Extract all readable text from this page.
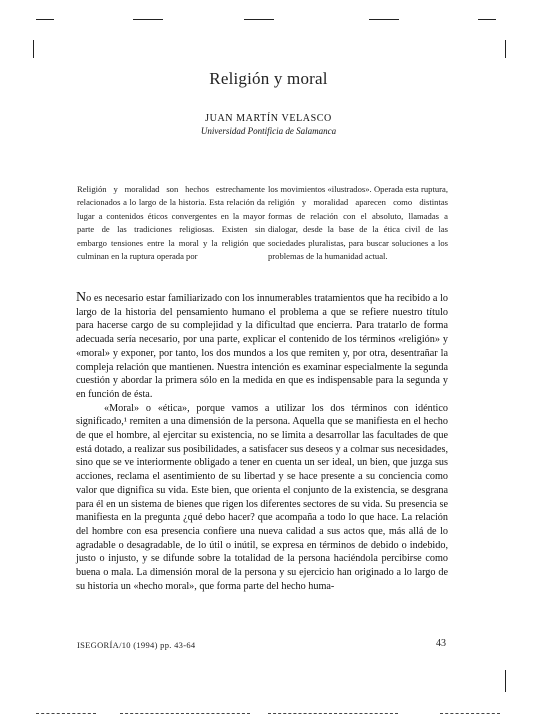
Religión y moral
JUAN MARTÍN VELASCO
Universidad Pontificia de Salamanca
Religión y moralidad son hechos estrechamente relacionados a lo largo de la historia. Esta relación da lugar a contenidos éticos convergentes en la mayor parte de las tradiciones religiosas. Existen sin embargo tensiones entre la moral y la religión que culminan en la ruptura operada por
los movimientos «ilustrados». Operada esta ruptura, religión y moralidad aparecen como distintas formas de relación con el absoluto, llamadas a dialogar, desde la base de la ética civil de las sociedades pluralistas, para buscar soluciones a los problemas de la humanidad actual.

No es necesario estar familiarizado con los innumerables tratamientos que ha recibido a lo largo de la historia del pensamiento humano el problema a que se refiere nuestro título para hacerse cargo de su complejidad y la dificultad que encierra. Para tratarlo de forma adecuada sería necesario, por una parte, explicar el contenido de los términos «religión» y «moral» y exponer, por tanto, los dos mundos a los que remiten y, por otra, desentrañar la compleja relación que mantienen. Nuestra intención es examinar especialmente la segunda cuestión y abordar la primera sólo en la medida en que es indispensable para la segunda y en función de ésta.

«Moral» o «ética», porque vamos a utilizar los dos términos con idéntico significado,¹ remiten a una dimensión de la persona. Aquella que se manifiesta en el hecho de que el hombre, al ejercitar su existencia, no se limita a desarrollar las facultades de que está dotado, a realizar sus posibilidades, a satisfacer sus deseos y a colmar sus necesidades, sino que se ve interiormente obligado a tener en cuenta un ser ideal, un bien, que juzga sus acciones, reclama el asentimiento de su libertad y se hace presente a su conciencia como valor que dignifica su vida. Este bien, que orienta el conjunto de la existencia, se desgrana para él en un sistema de bienes que rigen los diferentes sectores de su vida. Su presencia se manifiesta en la pregunta ¿qué debo hacer? que acompaña a todo lo que hace. La relación del hombre con esa presencia confiere una nueva calidad a sus actos que, más allá de lo agradable o desagradable, de lo útil o inútil, se expresa en términos de debido o indebido, justo o injusto, y se difunde sobre la totalidad de la persona haciéndola percibirse como buena o mala. La dimensión moral de la persona y su ejercicio han originado a lo largo de su historia un «hecho moral», que forma parte del hecho huma-

ISEGORÍA/10 (1994) pp. 43-64	43
